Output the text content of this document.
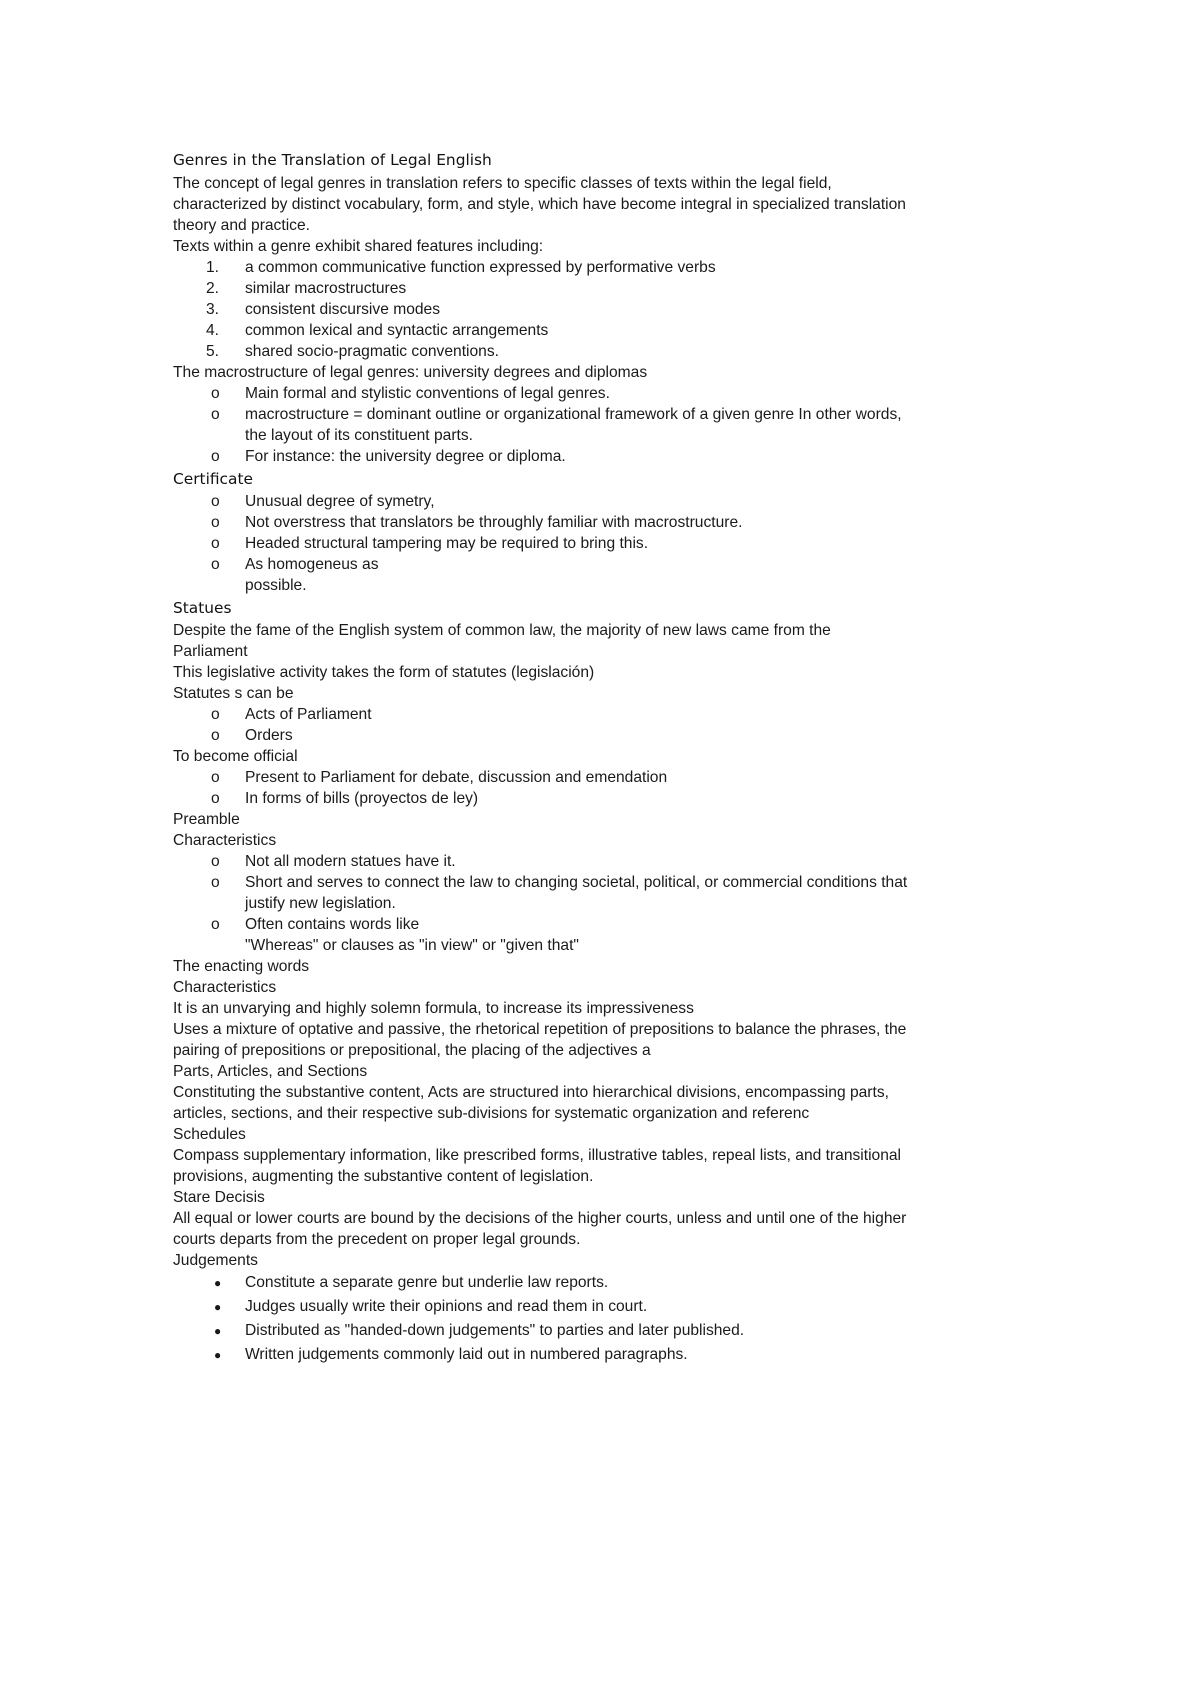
Genres in the Translation of Legal English

The concept of legal genres in translation refers to specific classes of texts within the legal field,
characterized by distinct vocabulary, form, and style, which have become integral in specialized translation
theory and practice.
Texts within a genre exhibit shared features including:
1.	a common communicative function expressed by performative verbs
2.	similar macrostructures
3.	consistent discursive modes
4.	common lexical and syntactic arrangements
5.	shared socio-pragmatic conventions.
The macrostructure of legal genres: university degrees and diplomas
o Main formal and stylistic conventions of legal genres.
o macrostructure = dominant outline or organizational framework of a given genre In other words,
the layout of its constituent parts.
o For instance: the university degree or diploma.

Certificate

o Unusual degree of symetry,
o Not overstress that translators be throughly familiar with macrostructure.
o Headed structural tampering may be required to bring this.
o As homogeneus as
possible.

Statues

Despite the fame of the English system of common law, the majority of new laws came from the
Parliament
This legislative activity takes the form of statutes (legislación)
Statutes s can be
o Acts of Parliament
o Orders
To become official
o Present to Parliament for debate, discussion and emendation
o In forms of bills (proyectos de ley)
Preamble
Characteristics
o Not all modern statues have it.
o Short and serves to connect the law to changing societal, political, or commercial conditions that
justify new legislation.
o Often contains words like
"Whereas" or clauses as "in view" or "given that"
The enacting words
Characteristics
It is an unvarying and highly solemn formula, to increase its impressiveness
Uses a mixture of optative and passive, the rhetorical repetition of prepositions to balance the phrases, the
pairing of prepositions or prepositional, the placing of the adjectives a
Parts, Articles, and Sections
Constituting the substantive content, Acts are structured into hierarchical divisions, encompassing parts,
articles, sections, and their respective sub-divisions for systematic organization and referenc
Schedules
Compass supplementary information, like prescribed forms, illustrative tables, repeal lists, and transitional
provisions, augmenting the substantive content of legislation.
Stare Decisis
All equal or lower courts are bound by the decisions of the higher courts, unless and until one of the higher
courts departs from the precedent on proper legal grounds.
Judgements
● Constitute a separate genre but underlie law reports.
● Judges usually write their opinions and read them in court.
● Distributed as "handed-down judgements" to parties and later published.
● Written judgements commonly laid out in numbered paragraphs.
